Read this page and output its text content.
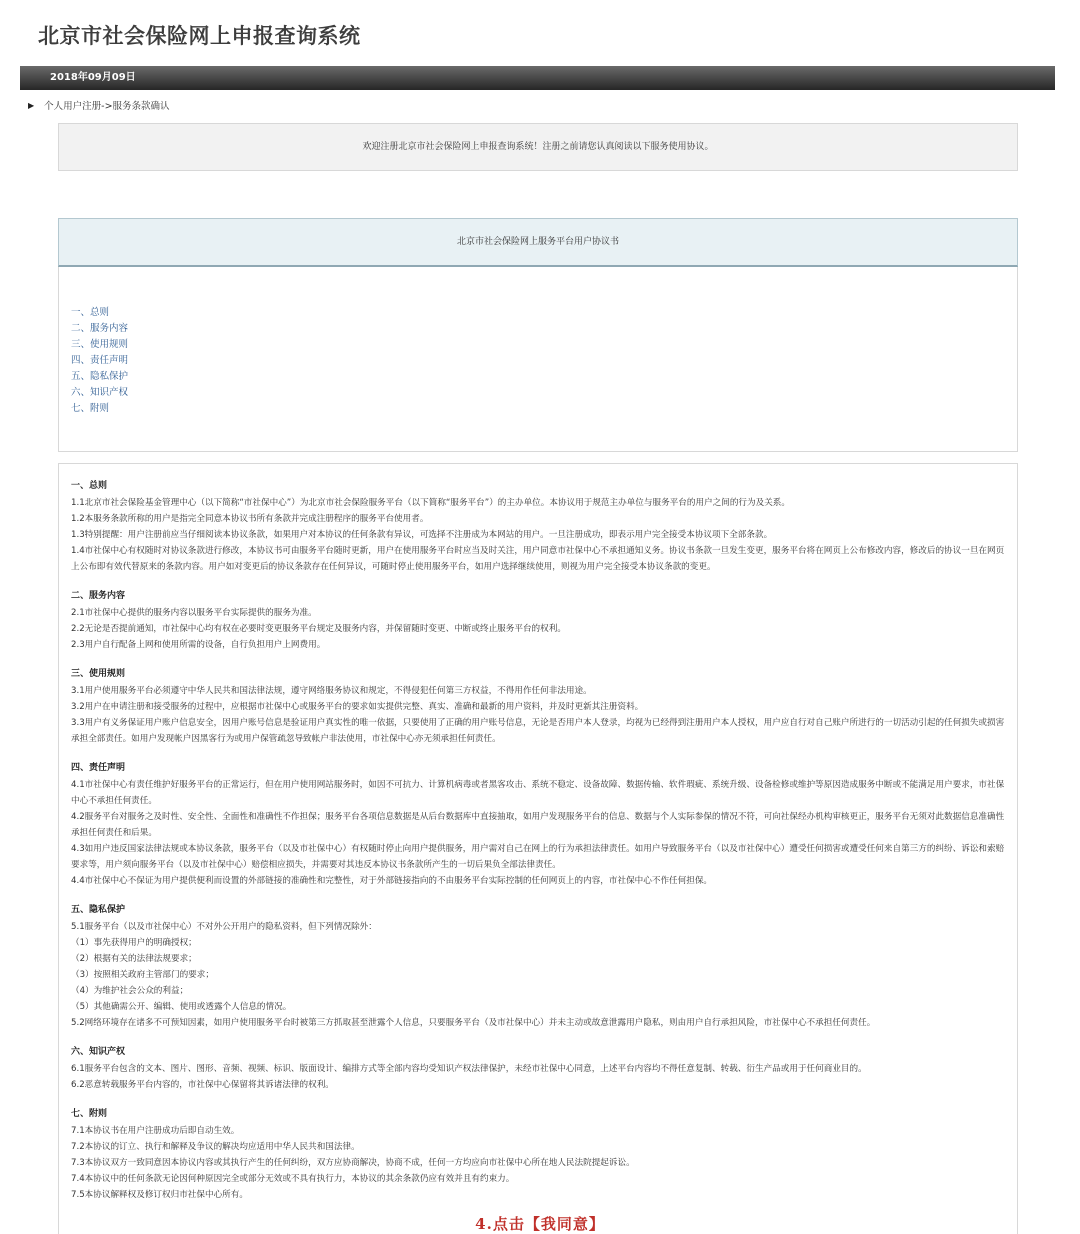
北京市社会保险网上申报查询系统
2018年09月09日
▶ 个人用户注册->服务条款确认
欢迎注册北京市社会保险网上申报查询系统！注册之前请您认真阅读以下服务使用协议。
北京市社会保险网上服务平台用户协议书
一、总则
二、服务内容
三、使用规则
四、责任声明
五、隐私保护
六、知识产权
七、附则
一、总则

1.1北京市社会保险基金管理中心（以下简称“市社保中心”）为北京市社会保险服务平台（以下简称“服务平台”）的主办单位。本协议用于规范主办单位与服务平台的用户之间的行为及关系。

1.2本服务条款所称的用户是指完全同意本协议书所有条款并完成注册程序的服务平台使用者。

1.3特别提醒：用户注册前应当仔细阅读本协议条款，如果用户对本协议的任何条款有异议，可选择不注册成为本网站的用户。一旦注册成功，即表示用户完全接受本协议项下全部条款。

1.4市社保中心有权随时对协议条款进行修改，本协议书可由服务平台随时更新，用户在使用服务平台时应当及时关注，用户同意市社保中心不承担通知义务。协议书条款一旦发生变更，服务平台将在网页上公布修改内容，修改后的协议一旦在网页上公布即有效代替原来的条款内容。用户如对变更后的协议条款存在任何异议，可随时停止使用服务平台，如用户选择继续使用，则视为用户完全接受本协议条款的变更。

二、服务内容

2.1市社保中心提供的服务内容以服务平台实际提供的服务为准。

2.2无论是否提前通知，市社保中心均有权在必要时变更服务平台规定及服务内容，并保留随时变更、中断或终止服务平台的权利。

2.3用户自行配备上网和使用所需的设备，自行负担用户上网费用。

三、使用规则

3.1用户使用服务平台必须遵守中华人民共和国法律法规，遵守网络服务协议和规定，不得侵犯任何第三方权益，不得用作任何非法用途。

3.2用户在申请注册和接受服务的过程中，应根据市社保中心或服务平台的要求如实提供完整、真实、准确和最新的用户资料，并及时更新其注册资料。

3.3用户有义务保证用户账户信息安全，因用户账号信息是验证用户真实性的唯一依据，只要使用了正确的用户账号信息，无论是否用户本人登录，均视为已经得到注册用户本人授权，用户应自行对自己账户所进行的一切活动引起的任何损失或损害承担全部责任。如用户发现帐户因黑客行为或用户保管疏忽导致帐户非法使用，市社保中心亦无须承担任何责任。

四、责任声明

4.1市社保中心有责任维护好服务平台的正常运行，但在用户使用网站服务时，如因不可抗力、计算机病毒或者黑客攻击、系统不稳定、设备故障、数据传输、软件瑕疵、系统升级、设备检修或维护等原因造成服务中断或不能满足用户要求，市社保中心不承担任何责任。

4.2服务平台对服务之及时性、安全性、全面性和准确性不作担保；服务平台各项信息数据是从后台数据库中直接抽取，如用户发现服务平台的信息、数据与个人实际参保的情况不符，可向社保经办机构审核更正，服务平台无须对此数据信息准确性承担任何责任和后果。

4.3如用户违反国家法律法规或本协议条款，服务平台（以及市社保中心）有权随时停止向用户提供服务，用户需对自己在网上的行为承担法律责任。如用户导致服务平台（以及市社保中心）遭受任何损害或遭受任何来自第三方的纠纷、诉讼和索赔要求等，用户须向服务平台（以及市社保中心）赔偿相应损失，并需要对其违反本协议书条款所产生的一切后果负全部法律责任。

4.4市社保中心不保证为用户提供便利而设置的外部链接的准确性和完整性，对于外部链接指向的不由服务平台实际控制的任何网页上的内容，市社保中心不作任何担保。

五、隐私保护

5.1服务平台（以及市社保中心）不对外公开用户的隐私资料，但下列情况除外：

（1）事先获得用户的明确授权；

（2）根据有关的法律法规要求；

（3）按照相关政府主管部门的要求；

（4）为维护社会公众的利益；

（5）其他确需公开、编辑、使用或透露个人信息的情况。

5.2网络环境存在诸多不可预知因素，如用户使用服务平台时被第三方抓取甚至泄露个人信息，只要服务平台（及市社保中心）并未主动或故意泄露用户隐私，则由用户自行承担风险，市社保中心不承担任何责任。

六、知识产权

6.1服务平台包含的文本、图片、图形、音频、视频、标识、版面设计、编排方式等全部内容均受知识产权法律保护，未经市社保中心同意，上述平台内容均不得任意复制、转载、衍生产品或用于任何商业目的。

6.2恶意转载服务平台内容的，市社保中心保留将其诉诸法律的权利。

七、附则

7.1本协议书在用户注册成功后即自动生效。

7.2本协议的订立、执行和解释及争议的解决均应适用中华人民共和国法律。

7.3本协议双方一致同意因本协议内容或其执行产生的任何纠纷，双方应协商解决，协商不成，任何一方均应向市社保中心所在地人民法院提起诉讼。

7.4本协议中的任何条款无论因何种原因完全或部分无效或不具有执行力，本协议的其余条款仍应有效并且有约束力。

7.5本协议解释权及修订权归市社保中心所有。

4.点击【我同意】
